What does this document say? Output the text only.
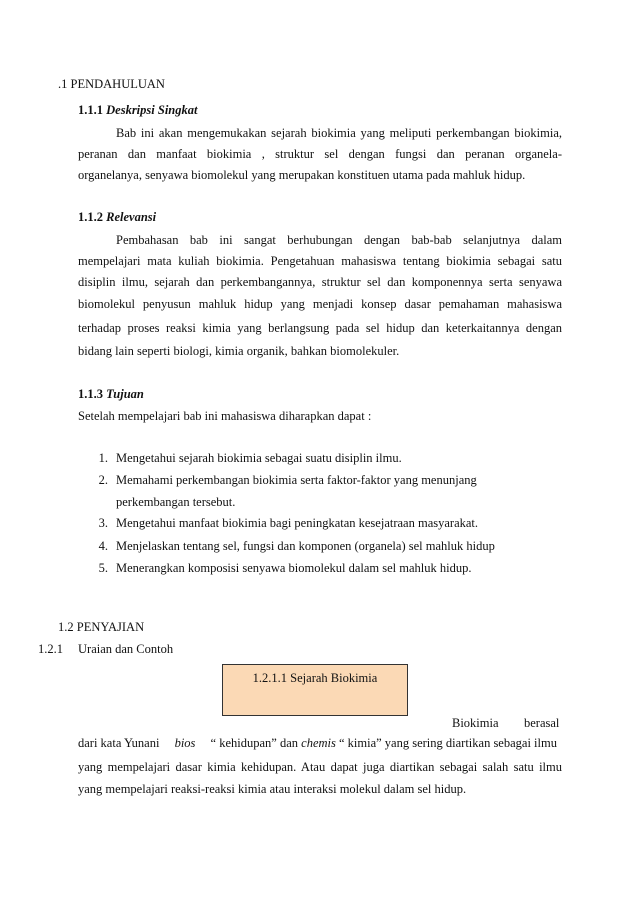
.1 PENDAHULUAN
1.1.1 Deskripsi Singkat
Bab ini akan mengemukakan sejarah biokimia yang meliputi perkembangan biokimia,
peranan dan manfaat biokimia , struktur sel dengan fungsi dan peranan organela-
organelanya, senyawa biomolekul yang merupakan konstituen utama pada mahluk hidup.
1.1.2 Relevansi
Pembahasan bab ini sangat berhubungan dengan bab-bab selanjutnya dalam
mempelajari mata kuliah biokimia. Pengetahuan mahasiswa tentang biokimia sebagai satu
disiplin ilmu, sejarah dan perkembangannya, struktur sel dan komponennya serta senyawa
biomolekul penyusun mahluk hidup yang menjadi konsep dasar pemahaman mahasiswa
terhadap proses reaksi kimia yang berlangsung pada sel hidup dan keterkaitannya dengan
bidang lain seperti biologi, kimia organik, bahkan biomolekuler.
1.1.3 Tujuan
Setelah mempelajari bab ini mahasiswa diharapkan dapat :
1. Mengetahui sejarah biokimia sebagai suatu disiplin ilmu.
2. Memahami perkembangan biokimia serta faktor-faktor yang menunjang
perkembangan tersebut.
3. Mengetahui manfaat biokimia bagi peningkatan kesejatraan masyarakat.
4. Menjelaskan tentang sel, fungsi dan komponen (organela) sel mahluk hidup
5. Menerangkan komposisi senyawa biomolekul dalam sel mahluk hidup.
1.2 PENYAJIAN
1.2.1 Uraian dan Contoh
1.2.1.1 Sejarah Biokimia
Biokimia berasal
dari kata Yunani bios “ kehidupan” dan chemis “ kimia” yang sering diartikan sebagai ilmu
yang mempelajari dasar kimia kehidupan. Atau dapat juga diartikan sebagai salah satu ilmu
yang mempelajari reaksi-reaksi kimia atau interaksi molekul dalam sel hidup.
